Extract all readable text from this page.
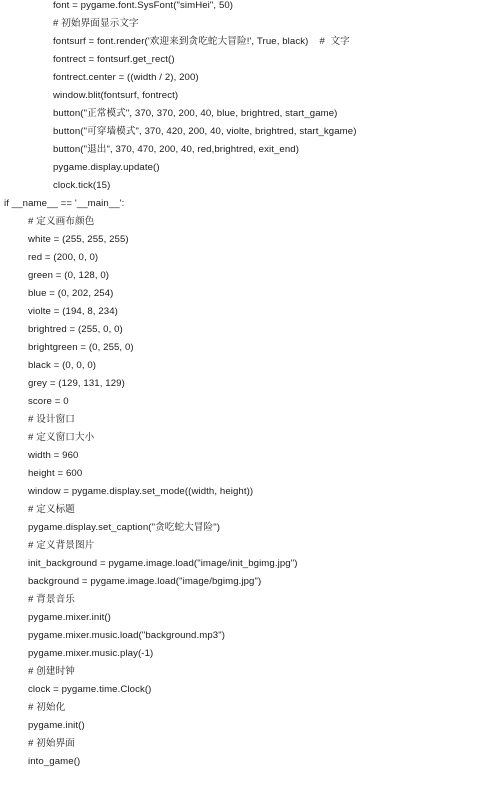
font = pygame.font.SysFont("simHei", 50)
# 初始界面显示文字
fontsurf = font.render('欢迎来到贪吃蛇大冒险!', True, black)    #  文字
fontrect = fontsurf.get_rect()
fontrect.center = ((width / 2), 200)
window.blit(fontsurf, fontrect)
button("正常模式", 370, 370, 200, 40, blue, brightred, start_game)
button("可穿墙模式", 370, 420, 200, 40, violte, brightred, start_kgame)
button("退出", 370, 470, 200, 40, red,brightred, exit_end)
pygame.display.update()
clock.tick(15)
if __name__ == '__main__':
# 定义画布颜色
white = (255, 255, 255)
red = (200, 0, 0)
green = (0, 128, 0)
blue = (0, 202, 254)
violte = (194, 8, 234)
brightred = (255, 0, 0)
brightgreen = (0, 255, 0)
black = (0, 0, 0)
grey = (129, 131, 129)
score = 0
# 设计窗口
# 定义窗口大小
width = 960
height = 600
window = pygame.display.set_mode((width, height))
# 定义标题
pygame.display.set_caption("贪吃蛇大冒险")
# 定义背景图片
init_background = pygame.image.load("image/init_bgimg.jpg")
background = pygame.image.load("image/bgimg.jpg")
# 背景音乐
pygame.mixer.init()
pygame.mixer.music.load("background.mp3")
pygame.mixer.music.play(-1)
# 创建时钟
clock = pygame.time.Clock()
# 初始化
pygame.init()
# 初始界面
into_game()
